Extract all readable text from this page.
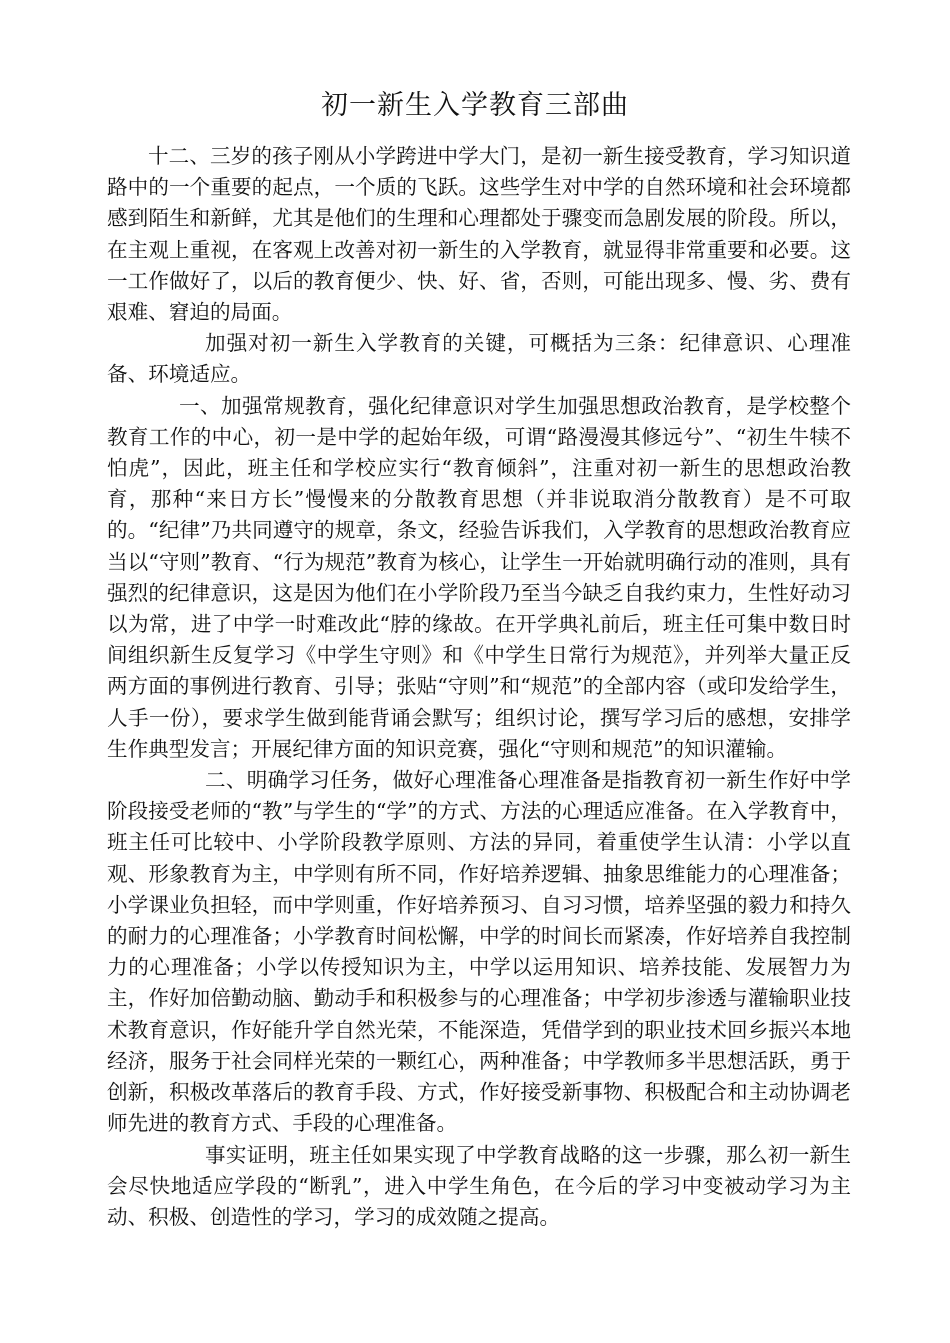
初一新生入学教育三部曲

十二、三岁的孩子刚从小学跨进中学大门，是初一新生接受教育，学习知识道路中的一个重要的起点，一个质的飞跃。这些学生对中学的自然环境和社会环境都感到陌生和新鲜，尤其是他们的生理和心理都处于骤变而急剧发展的阶段。所以，在主观上重视，在客观上改善对初一新生的入学教育，就显得非常重要和必要。这一工作做好了，以后的教育便少、快、好、省，否则，可能出现多、慢、劣、费有艰难、窘迫的局面。

加强对初一新生入学教育的关键，可概括为三条：纪律意识、心理准备、环境适应。

一、加强常规教育，强化纪律意识对学生加强思想政治教育，是学校整个教育工作的中心，初一是中学的起始年级，可谓“路漫漫其修远兮”、“初生牛犊不怕虎”，因此，班主任和学校应实行“教育倾斜”，注重对初一新生的思想政治教育，那种“来日方长”慢慢来的分散教育思想（并非说取消分散教育）是不可取的。“纪律”乃共同遵守的规章，条文，经验告诉我们，入学教育的思想政治教育应当以“守则”教育、“行为规范”教育为核心，让学生一开始就明确行动的准则，具有强烈的纪律意识，这是因为他们在小学阶段乃至当今缺乏自我约束力，生性好动习以为常，进了中学一时难改此“脖的缘故。在开学典礼前后，班主任可集中数日时间组织新生反复学习《中学生守则》和《中学生日常行为规范》，并列举大量正反两方面的事例进行教育、引导；张贴“守则”和“规范”的全部内容（或印发给学生，人手一份），要求学生做到能背诵会默写；组织讨论，撰写学习后的感想，安排学生作典型发言；开展纪律方面的知识竞赛，强化“守则和规范”的知识灌输。

二、明确学习任务，做好心理准备心理准备是指教育初一新生作好中学阶段接受老师的“教”与学生的“学”的方式、方法的心理适应准备。在入学教育中，班主任可比较中、小学阶段教学原则、方法的异同，着重使学生认清：小学以直观、形象教育为主，中学则有所不同，作好培养逻辑、抽象思维能力的心理准备；小学课业负担轻，而中学则重，作好培养预习、自习习惯，培养坚强的毅力和持久的耐力的心理准备；小学教育时间松懈，中学的时间长而紧凑，作好培养自我控制力的心理准备；小学以传授知识为主，中学以运用知识、培养技能、发展智力为主，作好加倍勤动脑、勤动手和积极参与的心理准备；中学初步渗透与灌输职业技术教育意识，作好能升学自然光荣，不能深造，凭借学到的职业技术回乡振兴本地经济，服务于社会同样光荣的一颗红心，两种准备；中学教师多半思想活跃，勇于创新，积极改革落后的教育手段、方式，作好接受新事物、积极配合和主动协调老师先进的教育方式、手段的心理准备。

事实证明，班主任如果实现了中学教育战略的这一步骤，那么初一新生会尽快地适应学段的“断乳”，进入中学生角色，在今后的学习中变被动学习为主动、积极、创造性的学习，学习的成效随之提高。
